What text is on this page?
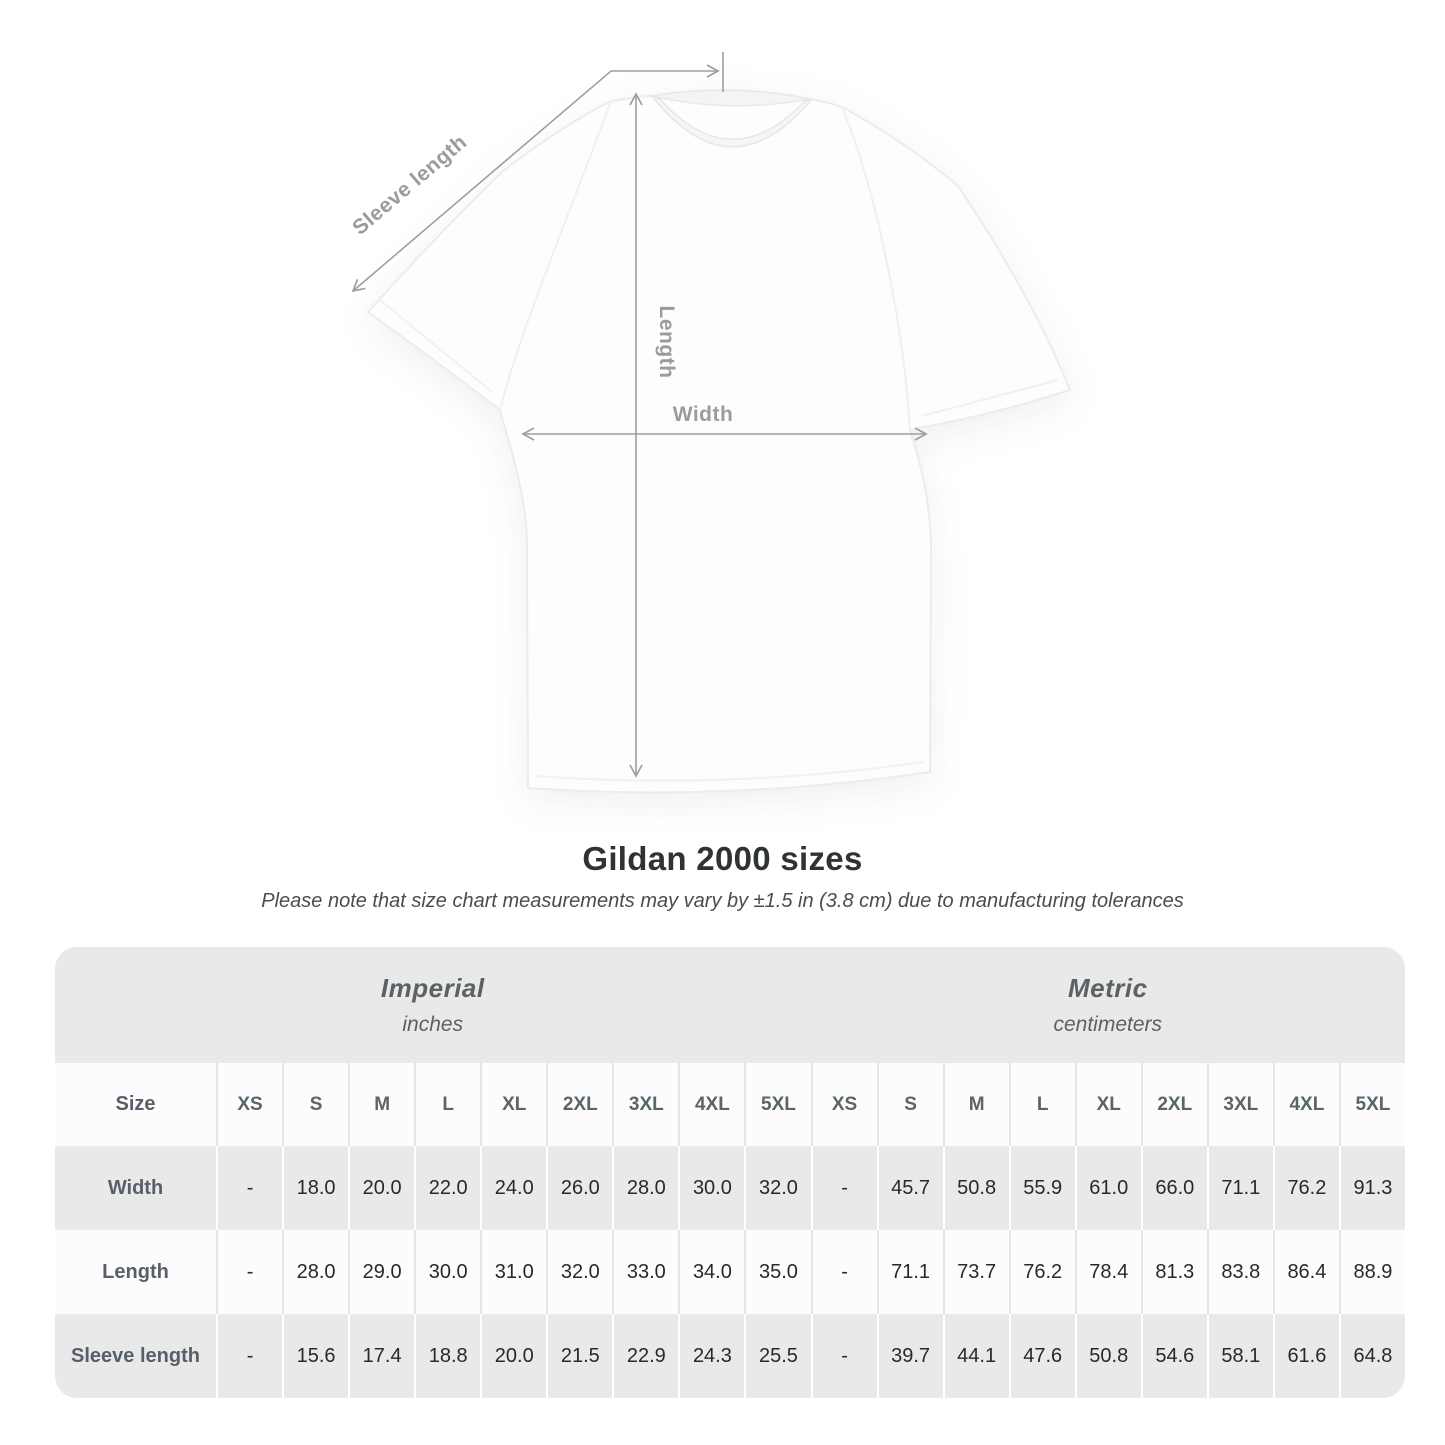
Sleeve length
Length
Width
Gildan 2000 sizes

Please note that size chart measurements may vary by ±1.5 in (3.8 cm) due to manufacturing tolerances

Imperial
inches
Metric
centimeters
Size	XS	S	M	L	XL	2XL	3XL	4XL	5XL	XS	S	M	L	XL	2XL	3XL	4XL	5XL
Width	-	18.0	20.0	22.0	24.0	26.0	28.0	30.0	32.0	-	45.7	50.8	55.9	61.0	66.0	71.1	76.2	91.3
Length	-	28.0	29.0	30.0	31.0	32.0	33.0	34.0	35.0	-	71.1	73.7	76.2	78.4	81.3	83.8	86.4	88.9
Sleeve length	-	15.6	17.4	18.8	20.0	21.5	22.9	24.3	25.5	-	39.7	44.1	47.6	50.8	54.6	58.1	61.6	64.8
